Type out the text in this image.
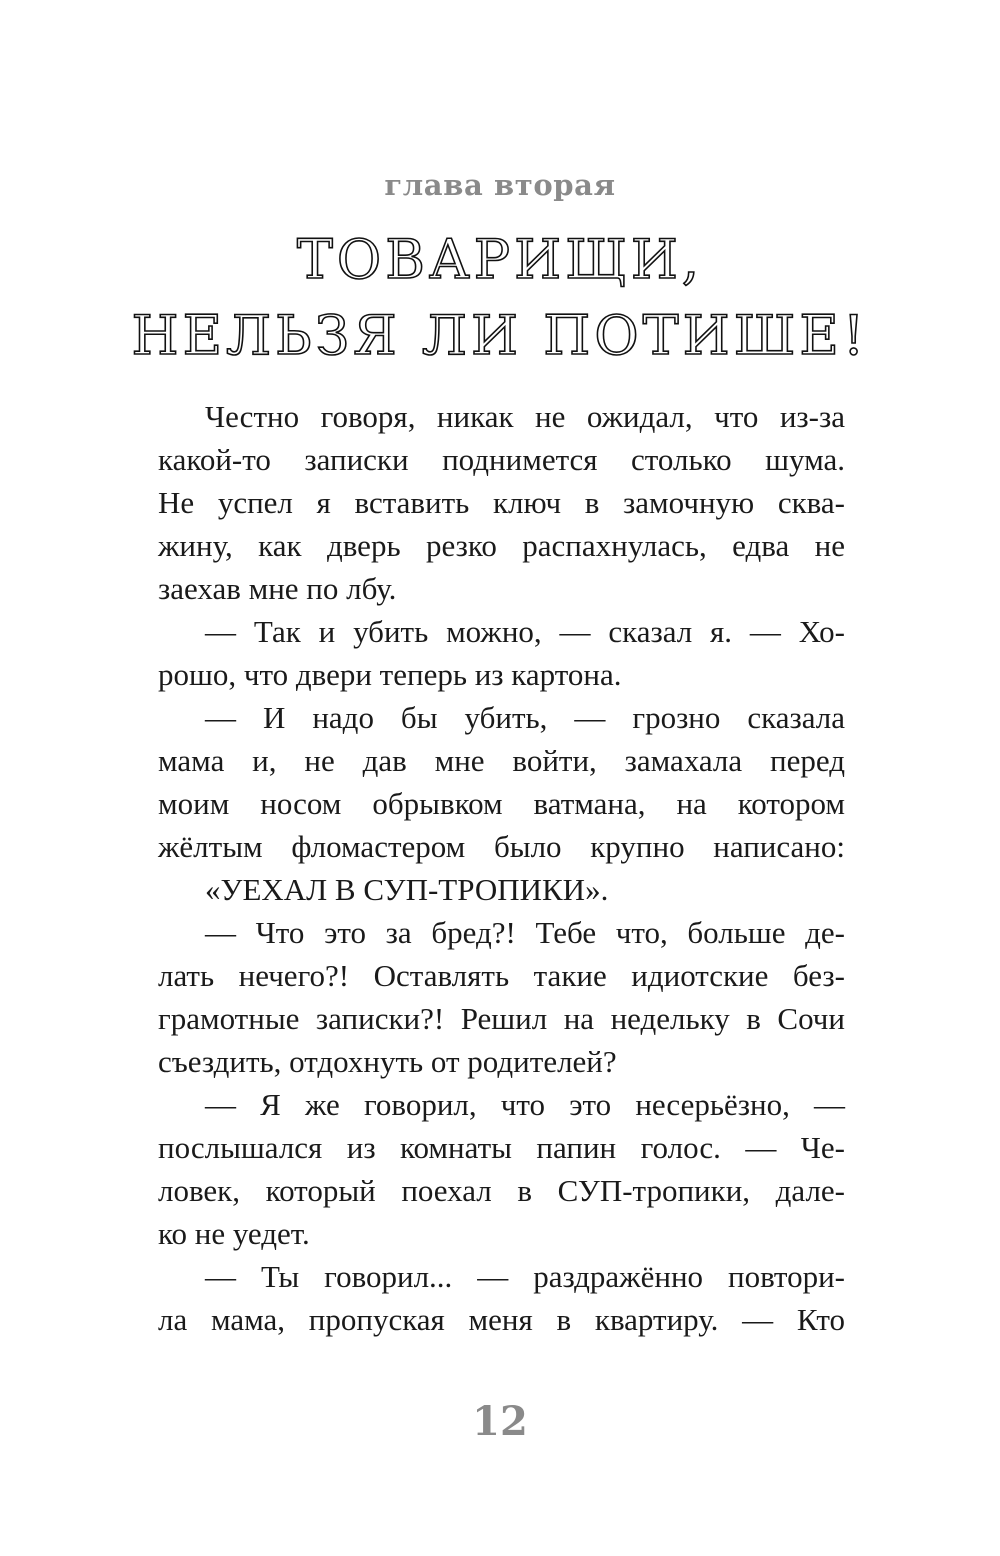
глава вторая
ТОВАРИЩИ,
НЕЛЬЗЯ ЛИ ПОТИШЕ!
Честно говоря, никак не ожидал, что из-за
какой-то записки поднимется столько шума.
Не успел я вставить ключ в замочную сква-
жину, как дверь резко распахнулась, едва не
заехав мне по лбу.
— Так и убить можно, — сказал я. — Хо-
рошо, что двери теперь из картона.
— И надо бы убить, — грозно сказала
мама и, не дав мне войти, замахала перед
моим носом обрывком ватмана, на котором
жёлтым фломастером было крупно написано:
«УЕХАЛ В СУП-ТРОПИКИ».
— Что это за бред?! Тебе что, больше де-
лать нечего?! Оставлять такие идиотские без-
грамотные записки?! Решил на недельку в Сочи
съездить, отдохнуть от родителей?
— Я же говорил, что это несерьёзно, —
послышался из комнаты папин голос. — Че-
ловек, который поехал в СУП-тропики, дале-
ко не уедет.
— Ты говорил... — раздражённо повтори-
ла мама, пропуская меня в квартиру. — Кто
12
